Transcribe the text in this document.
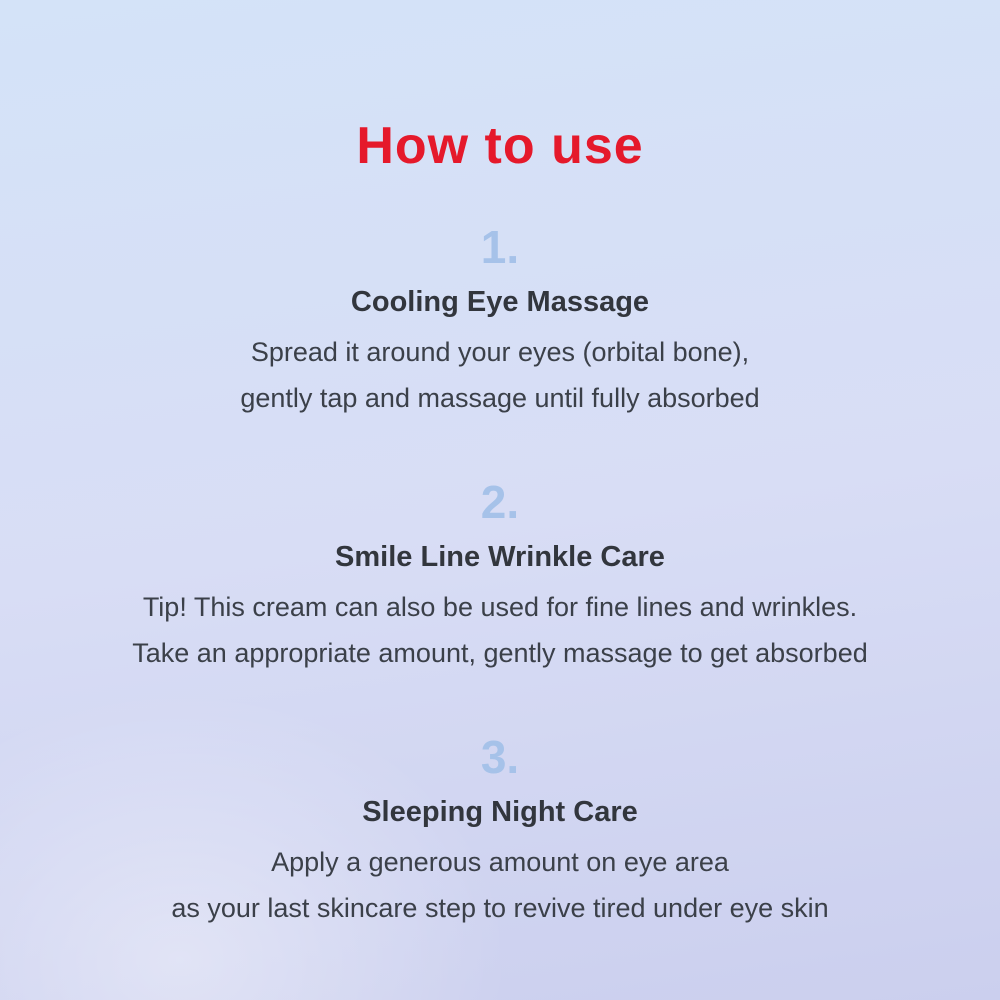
How to use
1.
Cooling Eye Massage
Spread it around your eyes (orbital bone),
gently tap and massage until fully absorbed
2.
Smile Line Wrinkle Care
Tip! This cream can also be used for fine lines and wrinkles.
Take an appropriate amount, gently massage to get absorbed
3.
Sleeping Night Care
Apply a generous amount on eye area
as your last skincare step to revive tired under eye skin
